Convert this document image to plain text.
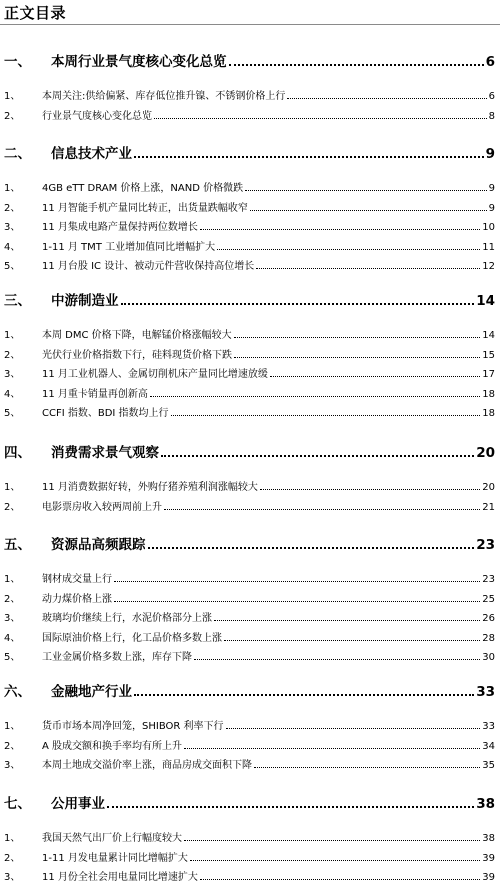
正文目录
一、	本周行业景气度核心变化总览	6
1、	本周关注:供给偏紧、库存低位推升镍、不锈钢价格上行	6
2、	行业景气度核心变化总览	8
二、	信息技术产业	9
1、	4GB eTT DRAM 价格上涨，NAND 价格微跌	9
2、	11 月智能手机产量同比转正，出货量跌幅收窄	9
3、	11 月集成电路产量保持两位数增长	10
4、	1-11 月 TMT 工业增加值同比增幅扩大	11
5、	11 月台股 IC 设计、被动元件营收保持高位增长	12
三、	中游制造业	14
1、	本周 DMC 价格下降，电解锰价格涨幅较大	14
2、	光伏行业价格指数下行，硅料现货价格下跌	15
3、	11 月工业机器人、金属切削机床产量同比增速放缓	17
4、	11 月重卡销量再创新高	18
5、	CCFI 指数、BDI 指数均上行	18
四、	消费需求景气观察	20
1、	11 月消费数据好转，外购仔猪养殖利润涨幅较大	20
2、	电影票房收入较两周前上升	21
五、	资源品高频跟踪	23
1、	钢材成交量上行	23
2、	动力煤价格上涨	25
3、	玻璃均价继续上行，水泥价格部分上涨	26
4、	国际原油价格上行，化工品价格多数上涨	28
5、	工业金属价格多数上涨，库存下降	30
六、	金融地产行业	33
1、	货币市场本周净回笼，SHIBOR 利率下行	33
2、	A 股成交额和换手率均有所上升	34
3、	本周土地成交溢价率上涨，商品房成交面积下降	35
七、	公用事业	38
1、	我国天然气出厂价上行幅度较大	38
2、	1-11 月发电量累计同比增幅扩大	39
3、	11 月份全社会用电量同比增速扩大	39
